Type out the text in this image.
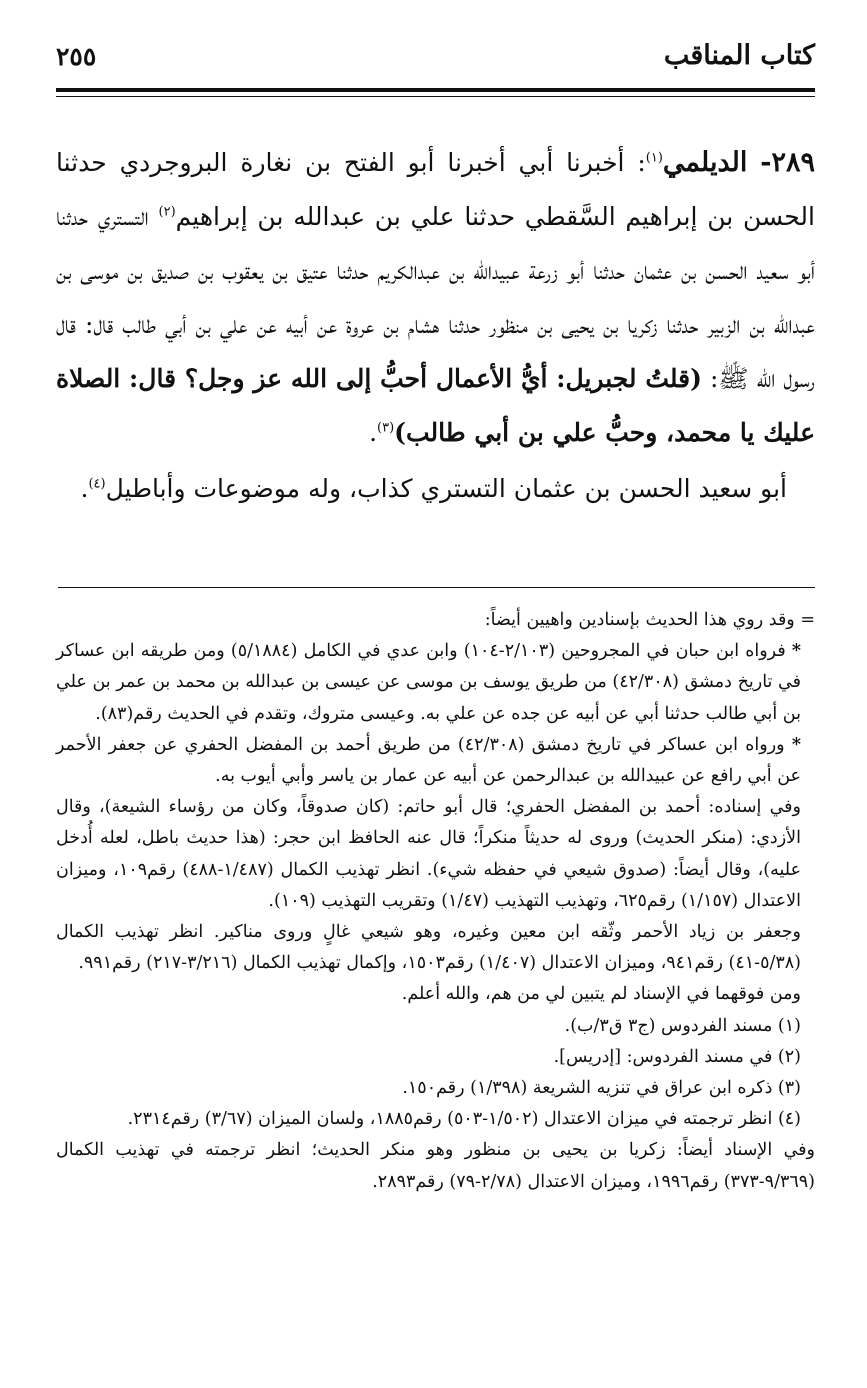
كتاب المناقب
٢٥٥

٢٨٩- الديلمي$^{(١)}$: أخبرنا أبي أخبرنا أبو الفتح بن نغارة البروجردي حدثنا الحسن بن إبراهيم السَّقطي حدثنا علي بن عبدالله بن إبراهيم$^{(٢)}$ التستري حدثنا أبو سعيد الحسن بن عثمان حدثنا أبو زرعة عبيدالله بن عبدالكريم حدثنا عتيق بن يعقوب بن صديق بن موسى بن عبدالله بن الزبير حدثنا زكريا بن يحيى بن منظور حدثنا هشام بن عروة عن أبيه عن علي بن أبي طالب قال: قال رسول الله ﷺ: (قلتُ لجبريل: أيُّ الأعمال أحبُّ إلى الله عز وجل؟ قال: الصلاة عليك يا محمد، وحبُّ علي بن أبي طالب)$^{(٣)}$.

أبو سعيد الحسن بن عثمان التستري كذاب، وله موضوعات وأباطيل$^{(٤)}$.

= وقد روي هذا الحديث بإسنادين واهيين أيضاً:

* فرواه ابن حبان في المجروحين (٢/١٠٣-١٠٤) وابن عدي في الكامل (٥/١٨٨٤) ومن طريقه ابن عساكر في تاريخ دمشق (٤٢/٣٠٨) من طريق يوسف بن موسى عن عيسى بن عبدالله بن محمد بن عمر بن علي بن أبي طالب حدثنا أبي عن أبيه عن جده عن علي به. وعيسى متروك، وتقدم في الحديث رقم(٨٣).

* ورواه ابن عساكر في تاريخ دمشق (٤٢/٣٠٨) من طريق أحمد بن المفضل الحفري عن جعفر الأحمر عن أبي رافع عن عبيدالله بن عبدالرحمن عن أبيه عن عمار بن ياسر وأبي أيوب به.

وفي إسناده: أحمد بن المفضل الحفري؛ قال أبو حاتم: (كان صدوقاً، وكان من رؤساء الشيعة)، وقال الأزدي: (منكر الحديث) وروى له حديثاً منكراً؛ قال عنه الحافظ ابن حجر: (هذا حديث باطل، لعله أُدخل عليه)، وقال أيضاً: (صدوق شيعي في حفظه شيء). انظر تهذيب الكمال (١/٤٨٧-٤٨٨) رقم١٠٩، وميزان الاعتدال (١/١٥٧) رقم٦٢٥، وتهذيب التهذيب (١/٤٧) وتقريب التهذيب (١٠٩).

وجعفر بن زياد الأحمر وثّقه ابن معين وغيره، وهو شيعي غالٍ وروى مناكير. انظر تهذيب الكمال (٥/٣٨-٤١) رقم٩٤١، وميزان الاعتدال (١/٤٠٧) رقم١٥٠٣، وإكمال تهذيب الكمال (٣/٢١٦-٢١٧) رقم٩٩١.

ومن فوقهما في الإسناد لم يتبين لي من هم، والله أعلم.

(١) مسند الفردوس (ج٣ ق٣/ب).

(٢) في مسند الفردوس: [إدريس].

(٣) ذكره ابن عراق في تنزيه الشريعة (١/٣٩٨) رقم١٥٠.

(٤) انظر ترجمته في ميزان الاعتدال (١/٥٠٢-٥٠٣) رقم١٨٨٥، ولسان الميزان (٣/٦٧) رقم٢٣١٤.

وفي الإسناد أيضاً: زكريا بن يحيى بن منظور وهو منكر الحديث؛ انظر ترجمته في تهذيب الكمال (٩/٣٦٩-٣٧٣) رقم١٩٩٦، وميزان الاعتدال (٢/٧٨-٧٩) رقم٢٨٩٣.
